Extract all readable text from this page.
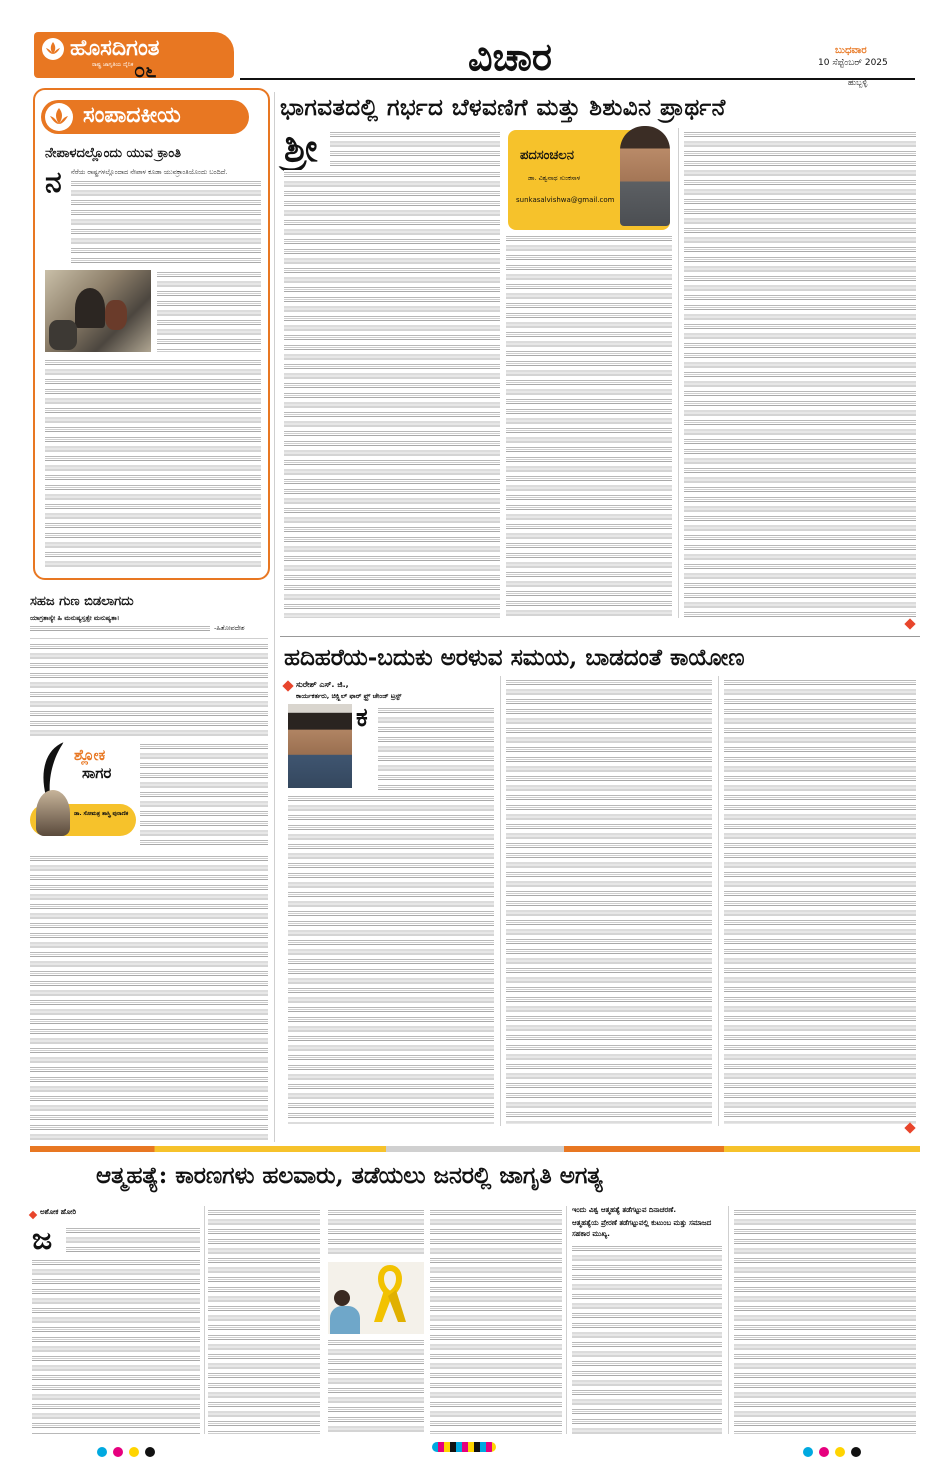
ಹೊಸದಿಗಂತ
ರಾಷ್ಟ್ರ ಜಾಗೃತಿಯ ದೈನಿಕ ೦೬	ವಿಚಾರ	ಬುಧವಾರ
10 ಸೆಪ್ಟೆಂಬರ್ 2025
ಹುಬ್ಬಳ್ಳಿ
ಸಂಪಾದಕೀಯ
ನೇಪಾಳದಲ್ಲೊಂದು ಯುವ ಕ್ರಾಂತಿ
ನ	ನೆರೆಯ ರಾಷ್ಟ್ರಗಳಲ್ಲೊಂದಾದ ನೇಪಾಳ ಕೂಡಾ ಯುವಕ್ರಾಂತಿಯೊಂದು ಬಂದಿದೆ.
ಸಹಜ ಗುಣ ಬಿಡಲಾಗದು
ಯಾಗ್ರತಾಸ್ಯೇ ಹಿ ಮನುಷ್ಯಸ್ತತ್ಸೇ ಮನುಷ್ಯತಾ।
-ಹಿತೋಪದೇಶ
ಶ್ಲೋಕ
ಸಾಗರ
ಡಾ. ಸೋಮಶ್ರ ಶಾಸ್ತ್ರಿ ಪುರಾಣಿಕ
ಭಾಗವತದಲ್ಲಿ ಗರ್ಭದ ಬೆಳವಣಿಗೆ ಮತ್ತು ಶಿಶುವಿನ ಪ್ರಾರ್ಥನೆ
ಶ್ರೀ	ಪದಸಂಚಲನ
ಡಾ. ವಿಶ್ವನಾಥ ಸುಂಕಸಾಳ
sunkasalvishwa@gmail.com
ಹದಿಹರೆಯ-ಬದುಕು ಅರಳುವ ಸಮಯ, ಬಾಡದಂತೆ ಕಾಯೋಣ
ಸುರೇಶ್ ಎಸ್. ಜಿ.,
ಕಾರ್ಯಕರ್ತರು, ಚಿಕ್ಸ್ಟ್ರಿಲ್ ಫಾರ್ ಫ್ರ್ರ್ ಚೇಂಜ್ ಟ್ರಸ್ಟ್
ಕ
ಆತ್ಮಹತ್ಯೆ: ಕಾರಣಗಳು ಹಲವಾರು, ತಡೆಯಲು ಜನರಲ್ಲಿ ಜಾಗೃತಿ ಅಗತ್ಯ
ಅಶೋಕ ಹೋರಿ
ಜ
ಇಂದು ವಿಶ್ವ ಆತ್ಮಹತ್ಯೆ ತಡೆಗಟ್ಟುವ ದಿನಾಚರಣೆ.
ಆತ್ಮಹತ್ಯೆಯ ಪ್ರೇರಣೆ ತಡೆಗಟ್ಟುವಲ್ಲಿ ಕುಟುಂಬ ಮತ್ತು ಸಮಾಜದ ಸಹಕಾರ ಮುಖ್ಯ.
